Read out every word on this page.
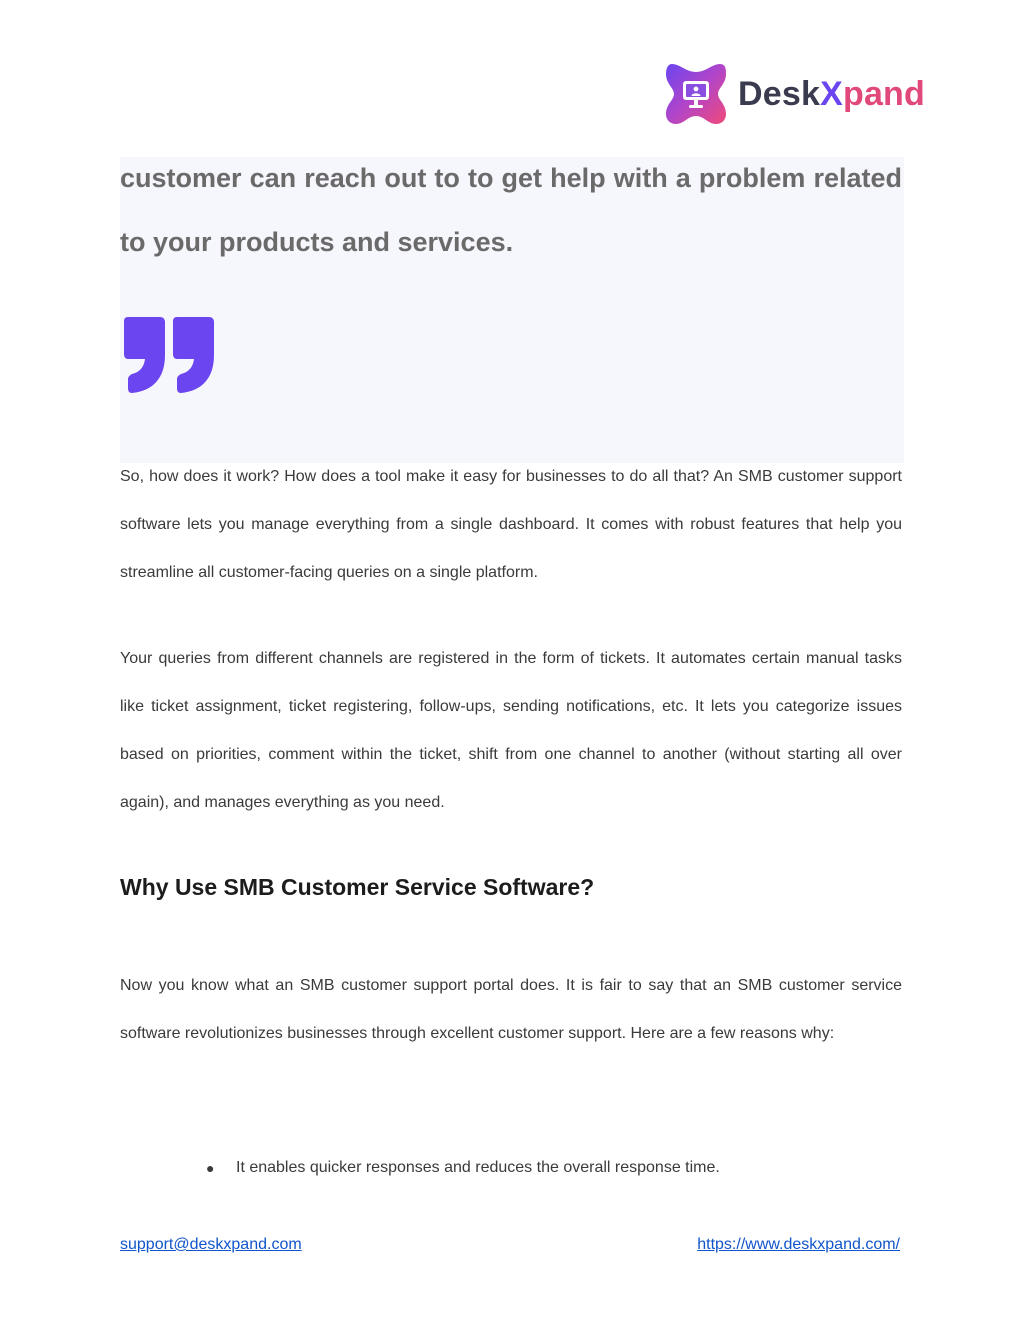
DeskXpand

customer can reach out to to get help with a problem related to your products and services.

So, how does it work? How does a tool make it easy for businesses to do all that? An SMB customer support software lets you manage everything from a single dashboard. It comes with robust features that help you streamline all customer-facing queries on a single platform.

Your queries from different channels are registered in the form of tickets. It automates certain manual tasks like ticket assignment, ticket registering, follow-ups, sending notifications, etc. It lets you categorize issues based on priorities, comment within the ticket, shift from one channel to another (without starting all over again), and manages everything as you need.

Why Use SMB Customer Service Software?

Now you know what an SMB customer support portal does. It is fair to say that an SMB customer service software revolutionizes businesses through excellent customer support. Here are a few reasons why:

●	It enables quicker responses and reduces the overall response time.
support@deskxpand.com	https://www.deskxpand.com/
